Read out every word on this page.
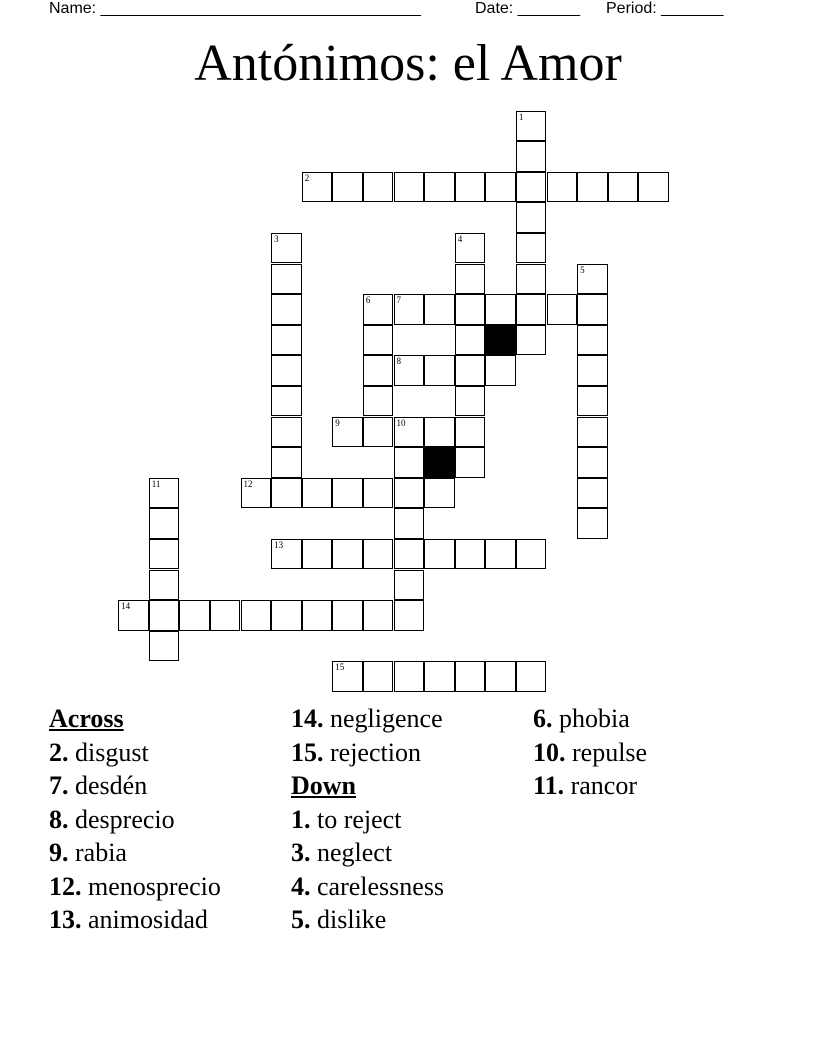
Name: ____________________________________

	Date: _______

Period: _______

Antónimos: el Amor
1
2
3	4
5
6	7
8
9	10
11	12
13
14
15
Across
2. disgust
7. desdén
8. desprecio
9. rabia
12. menosprecio
13. animosidad
14. negligence
15. rejection
Down
1. to reject
3. neglect
4. carelessness
5. dislike
6. phobia
10. repulse
11. rancor
